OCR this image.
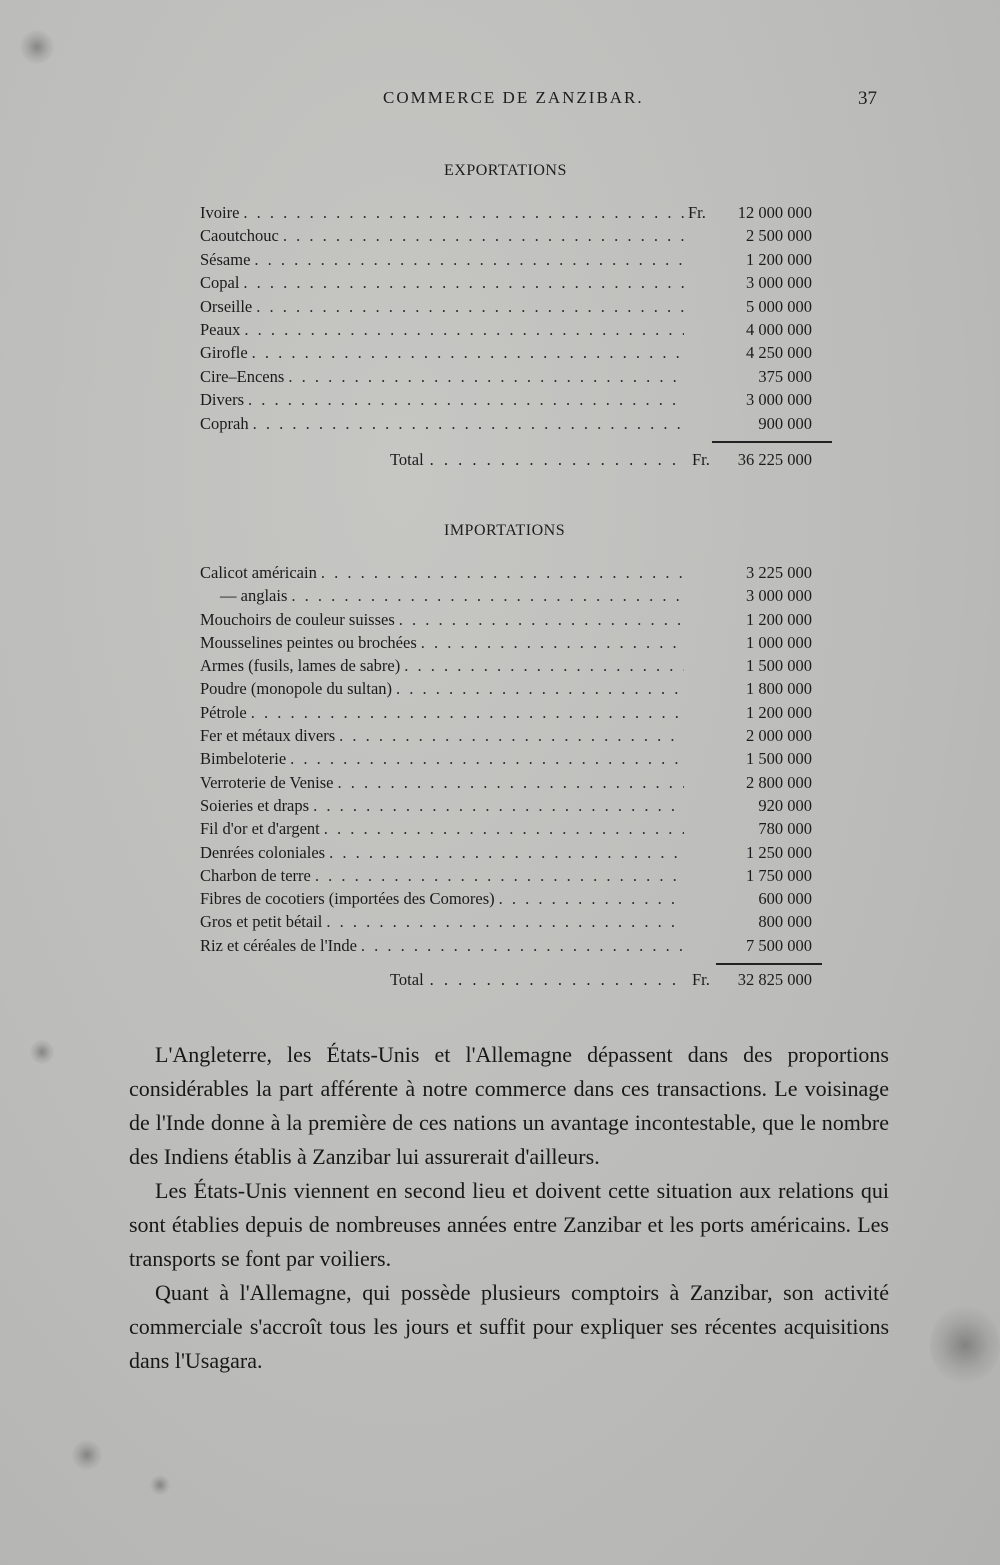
COMMERCE DE ZANZIBAR.	37
EXPORTATIONS
Ivoire . . .	Fr.	12 000 000
Caoutchouc . . .	2 500 000
Sésame . . .	1 200 000
Copal . . .	3 000 000
Orseille . . .	5 000 000
Peaux . . .	4 000 000
Girofle . . .	4 250 000
Cire–Encens . . .	375 000
Divers . . .	3 000 000
Coprah . . .	900 000
Total . . .	Fr.	36 225 000
IMPORTATIONS
Calicot américain . . .	3 225 000
— anglais . . .	3 000 000
Mouchoirs de couleur suisses . . .	1 200 000
Mousselines peintes ou brochées . . .	1 000 000
Armes (fusils, lames de sabre) . . .	1 500 000
Poudre (monopole du sultan) . . .	1 800 000
Pétrole . . .	1 200 000
Fer et métaux divers . . .	2 000 000
Bimbeloterie . . .	1 500 000
Verroterie de Venise . . .	2 800 000
Soieries et draps . . .	920 000
Fil d'or et d'argent . . .	780 000
Denrées coloniales . . .	1 250 000
Charbon de terre . . .	1 750 000
Fibres de cocotiers (importées des Comores) . . .	600 000
Gros et petit bétail . . .	800 000
Riz et céréales de l'Inde . . .	7 500 000
Total . . .	Fr.	32 825 000

L'Angleterre, les États-Unis et l'Allemagne dépassent dans des proportions considérables la part afférente à notre commerce dans ces transactions. Le voisinage de l'Inde donne à la première de ces nations un avantage incontestable, que le nombre des Indiens établis à Zanzibar lui assurerait d'ailleurs.

Les États-Unis viennent en second lieu et doivent cette situation aux relations qui sont établies depuis de nombreuses années entre Zanzibar et les ports américains. Les transports se font par voiliers.

Quant à l'Allemagne, qui possède plusieurs comptoirs à Zanzibar, son activité commerciale s'accroît tous les jours et suffit pour expliquer ses récentes acquisitions dans l'Usagara.
